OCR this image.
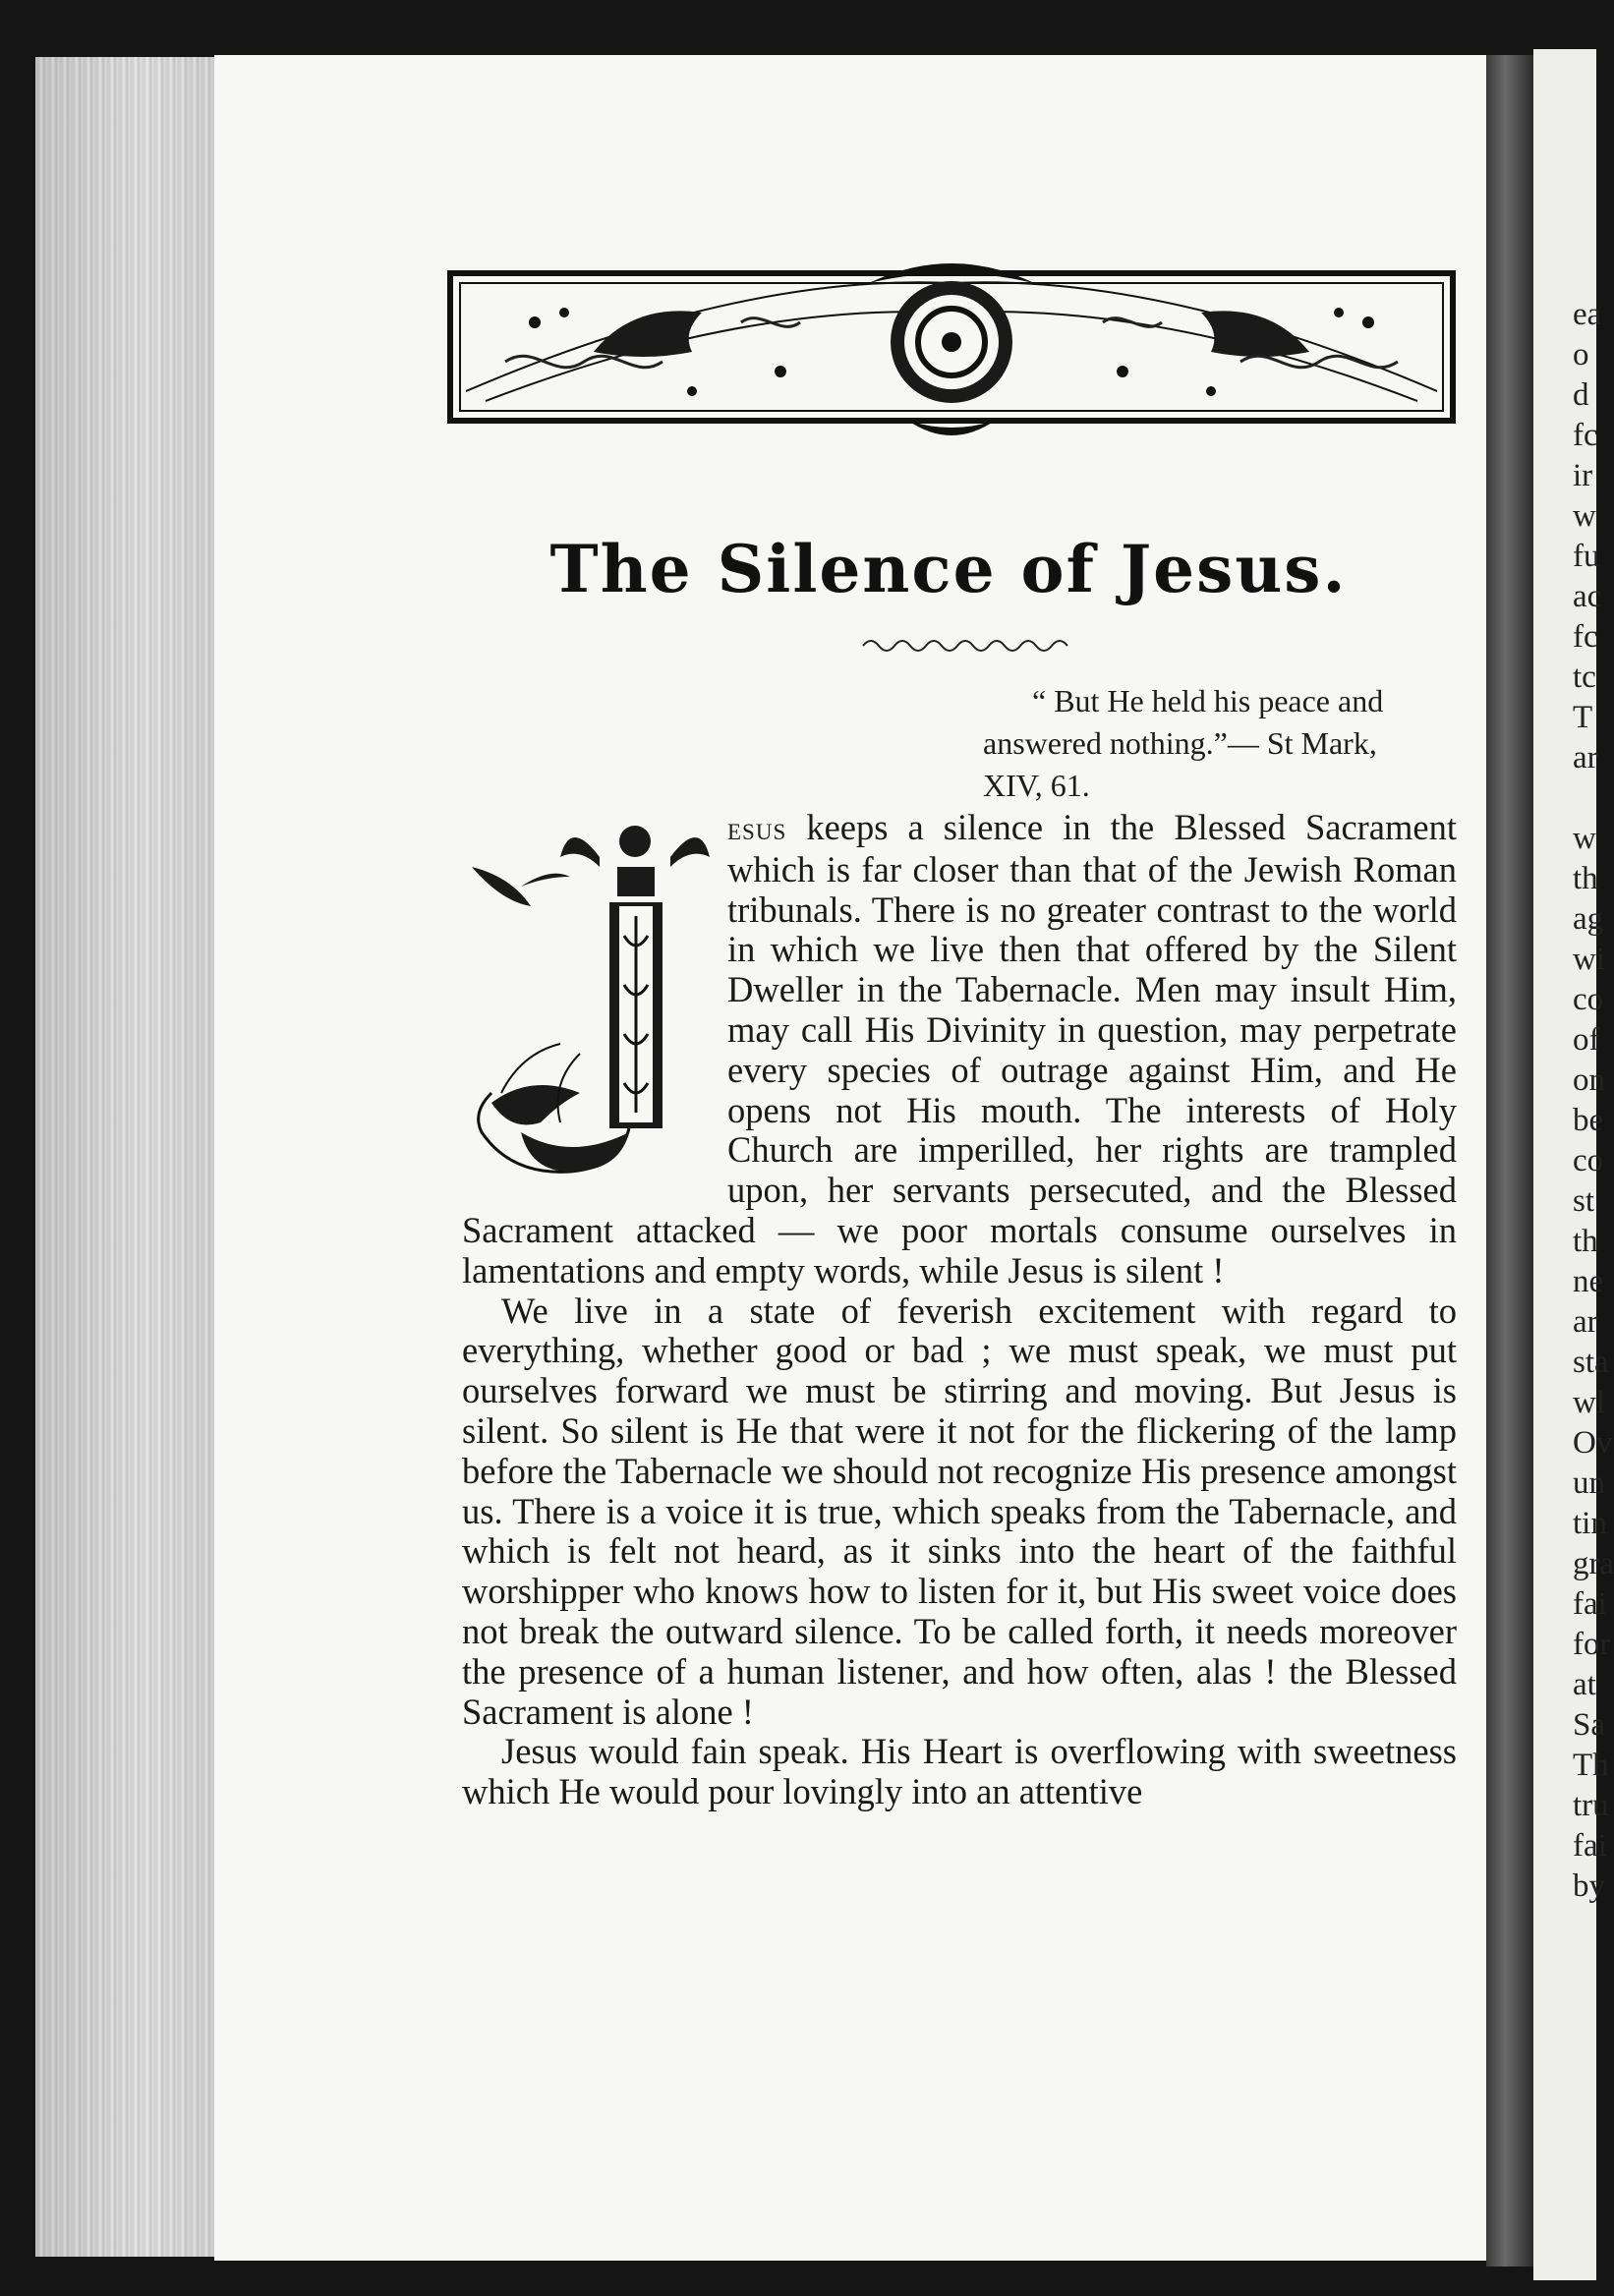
ea
o
d
fc
ir
w
fu
ac
fc
tc
T
ar
w
th
ag
wi
co
of
on
be
co
st
th
ne
ar
sta
wl
Ov
un
tin
gra
fai
for
at
Sa
Th
tru
fai
by
The Silence of Jesus.
“ But He held his peace and
answered nothing.”— St Mark,
XIV, 61.

esus keeps a silence in the Blessed Sacrament which is far closer than that of the Jewish Roman tribunals. There is no greater contrast to the world in which we live then that offered by the Silent Dweller in the Tabernacle. Men may insult Him, may call His Divinity in question, may perpetrate every species of outrage against Him, and He opens not His mouth. The interests of Holy Church are imperilled, her rights are trampled upon, her servants persecuted, and the Blessed Sacrament attacked — we poor mortals consume ourselves in lamentations and empty words, while Jesus is silent !

We live in a state of feverish excitement with regard to everything, whether good or bad ; we must speak, we must put ourselves forward we must be stirring and moving. But Jesus is silent. So silent is He that were it not for the flickering of the lamp before the Tabernacle we should not recognize His presence amongst us. There is a voice it is true, which speaks from the Tabernacle, and which is felt not heard, as it sinks into the heart of the faithful worshipper who knows how to listen for it, but His sweet voice does not break the outward silence. To be called forth, it needs moreover the presence of a human listener, and how often, alas ! the Blessed Sacrament is alone !

Jesus would fain speak. His Heart is overflowing with sweetness which He would pour lovingly into an attentive
